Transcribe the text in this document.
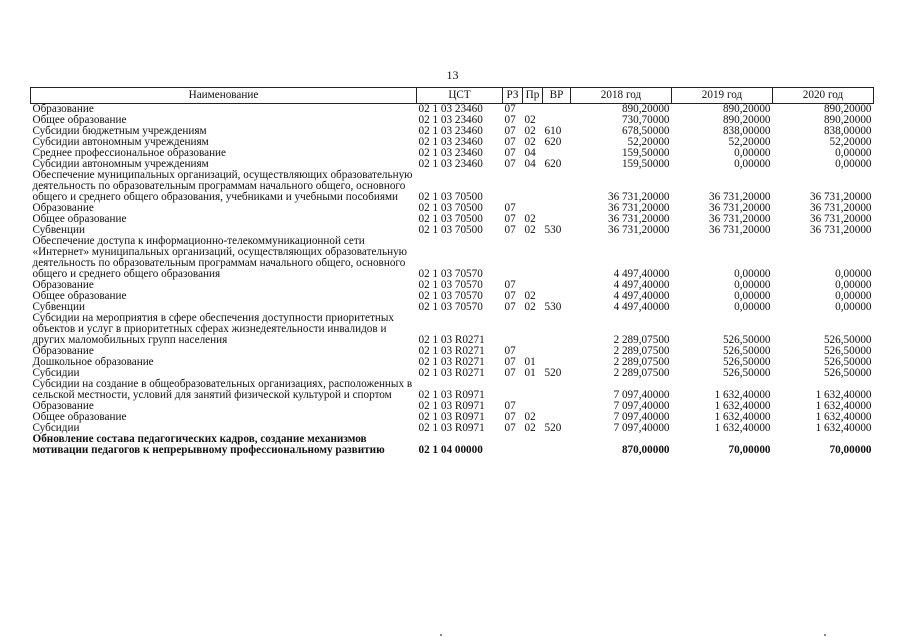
13
Наименование	ЦСТ	РЗ	Пр	ВР	2018 год	2019 год	2020 год
Образование	02 1 03 23460	07			890,20000	890,20000	890,20000
Общее образование	02 1 03 23460	07	02		730,70000	890,20000	890,20000
Субсидии бюджетным учреждениям	02 1 03 23460	07	02	610	678,50000	838,00000	838,00000
Субсидии автономным учреждениям	02 1 03 23460	07	02	620	52,20000	52,20000	52,20000
Среднее профессиональное образование	02 1 03 23460	07	04		159,50000	0,00000	0,00000
Субсидии автономным учреждениям	02 1 03 23460	07	04	620	159,50000	0,00000	0,00000
Обеспечение муниципальных организаций, осуществляющих образовательную деятельность по образовательным программам начального общего, основного общего и среднего общего образования, учебниками и учебными пособиями	02 1 03 70500				36 731,20000	36 731,20000	36 731,20000
Образование	02 1 03 70500	07			36 731,20000	36 731,20000	36 731,20000
Общее образование	02 1 03 70500	07	02		36 731,20000	36 731,20000	36 731,20000
Субвенции	02 1 03 70500	07	02	530	36 731,20000	36 731,20000	36 731,20000
Обеспечение доступа к информационно-телекоммуникационной сети «Интернет» муниципальных организаций, осуществляющих образовательную деятельность по образовательным программам начального общего, основного общего и среднего общего образования	02 1 03 70570				4 497,40000	0,00000	0,00000
Образование	02 1 03 70570	07			4 497,40000	0,00000	0,00000
Общее образование	02 1 03 70570	07	02		4 497,40000	0,00000	0,00000
Субвенции	02 1 03 70570	07	02	530	4 497,40000	0,00000	0,00000
Субсидии на мероприятия в сфере обеспечения доступности приоритетных объектов и услуг в приоритетных сферах жизнедеятельности инвалидов и других маломобильных групп населения	02 1 03 R0271				2 289,07500	526,50000	526,50000
Образование	02 1 03 R0271	07			2 289,07500	526,50000	526,50000
Дошкольное образование	02 1 03 R0271	07	01		2 289,07500	526,50000	526,50000
Субсидии	02 1 03 R0271	07	01	520	2 289,07500	526,50000	526,50000
Субсидии на создание в общеобразовательных организациях, расположенных в сельской местности, условий для занятий физической культурой и спортом	02 1 03 R0971				7 097,40000	1 632,40000	1 632,40000
Образование	02 1 03 R0971	07			7 097,40000	1 632,40000	1 632,40000
Общее образование	02 1 03 R0971	07	02		7 097,40000	1 632,40000	1 632,40000
Субсидии	02 1 03 R0971	07	02	520	7 097,40000	1 632,40000	1 632,40000
Обновление состава педагогических кадров, создание механизмов мотивации педагогов к непрерывному профессиональному развитию	02 1 04 00000				870,00000	70,00000	70,00000
